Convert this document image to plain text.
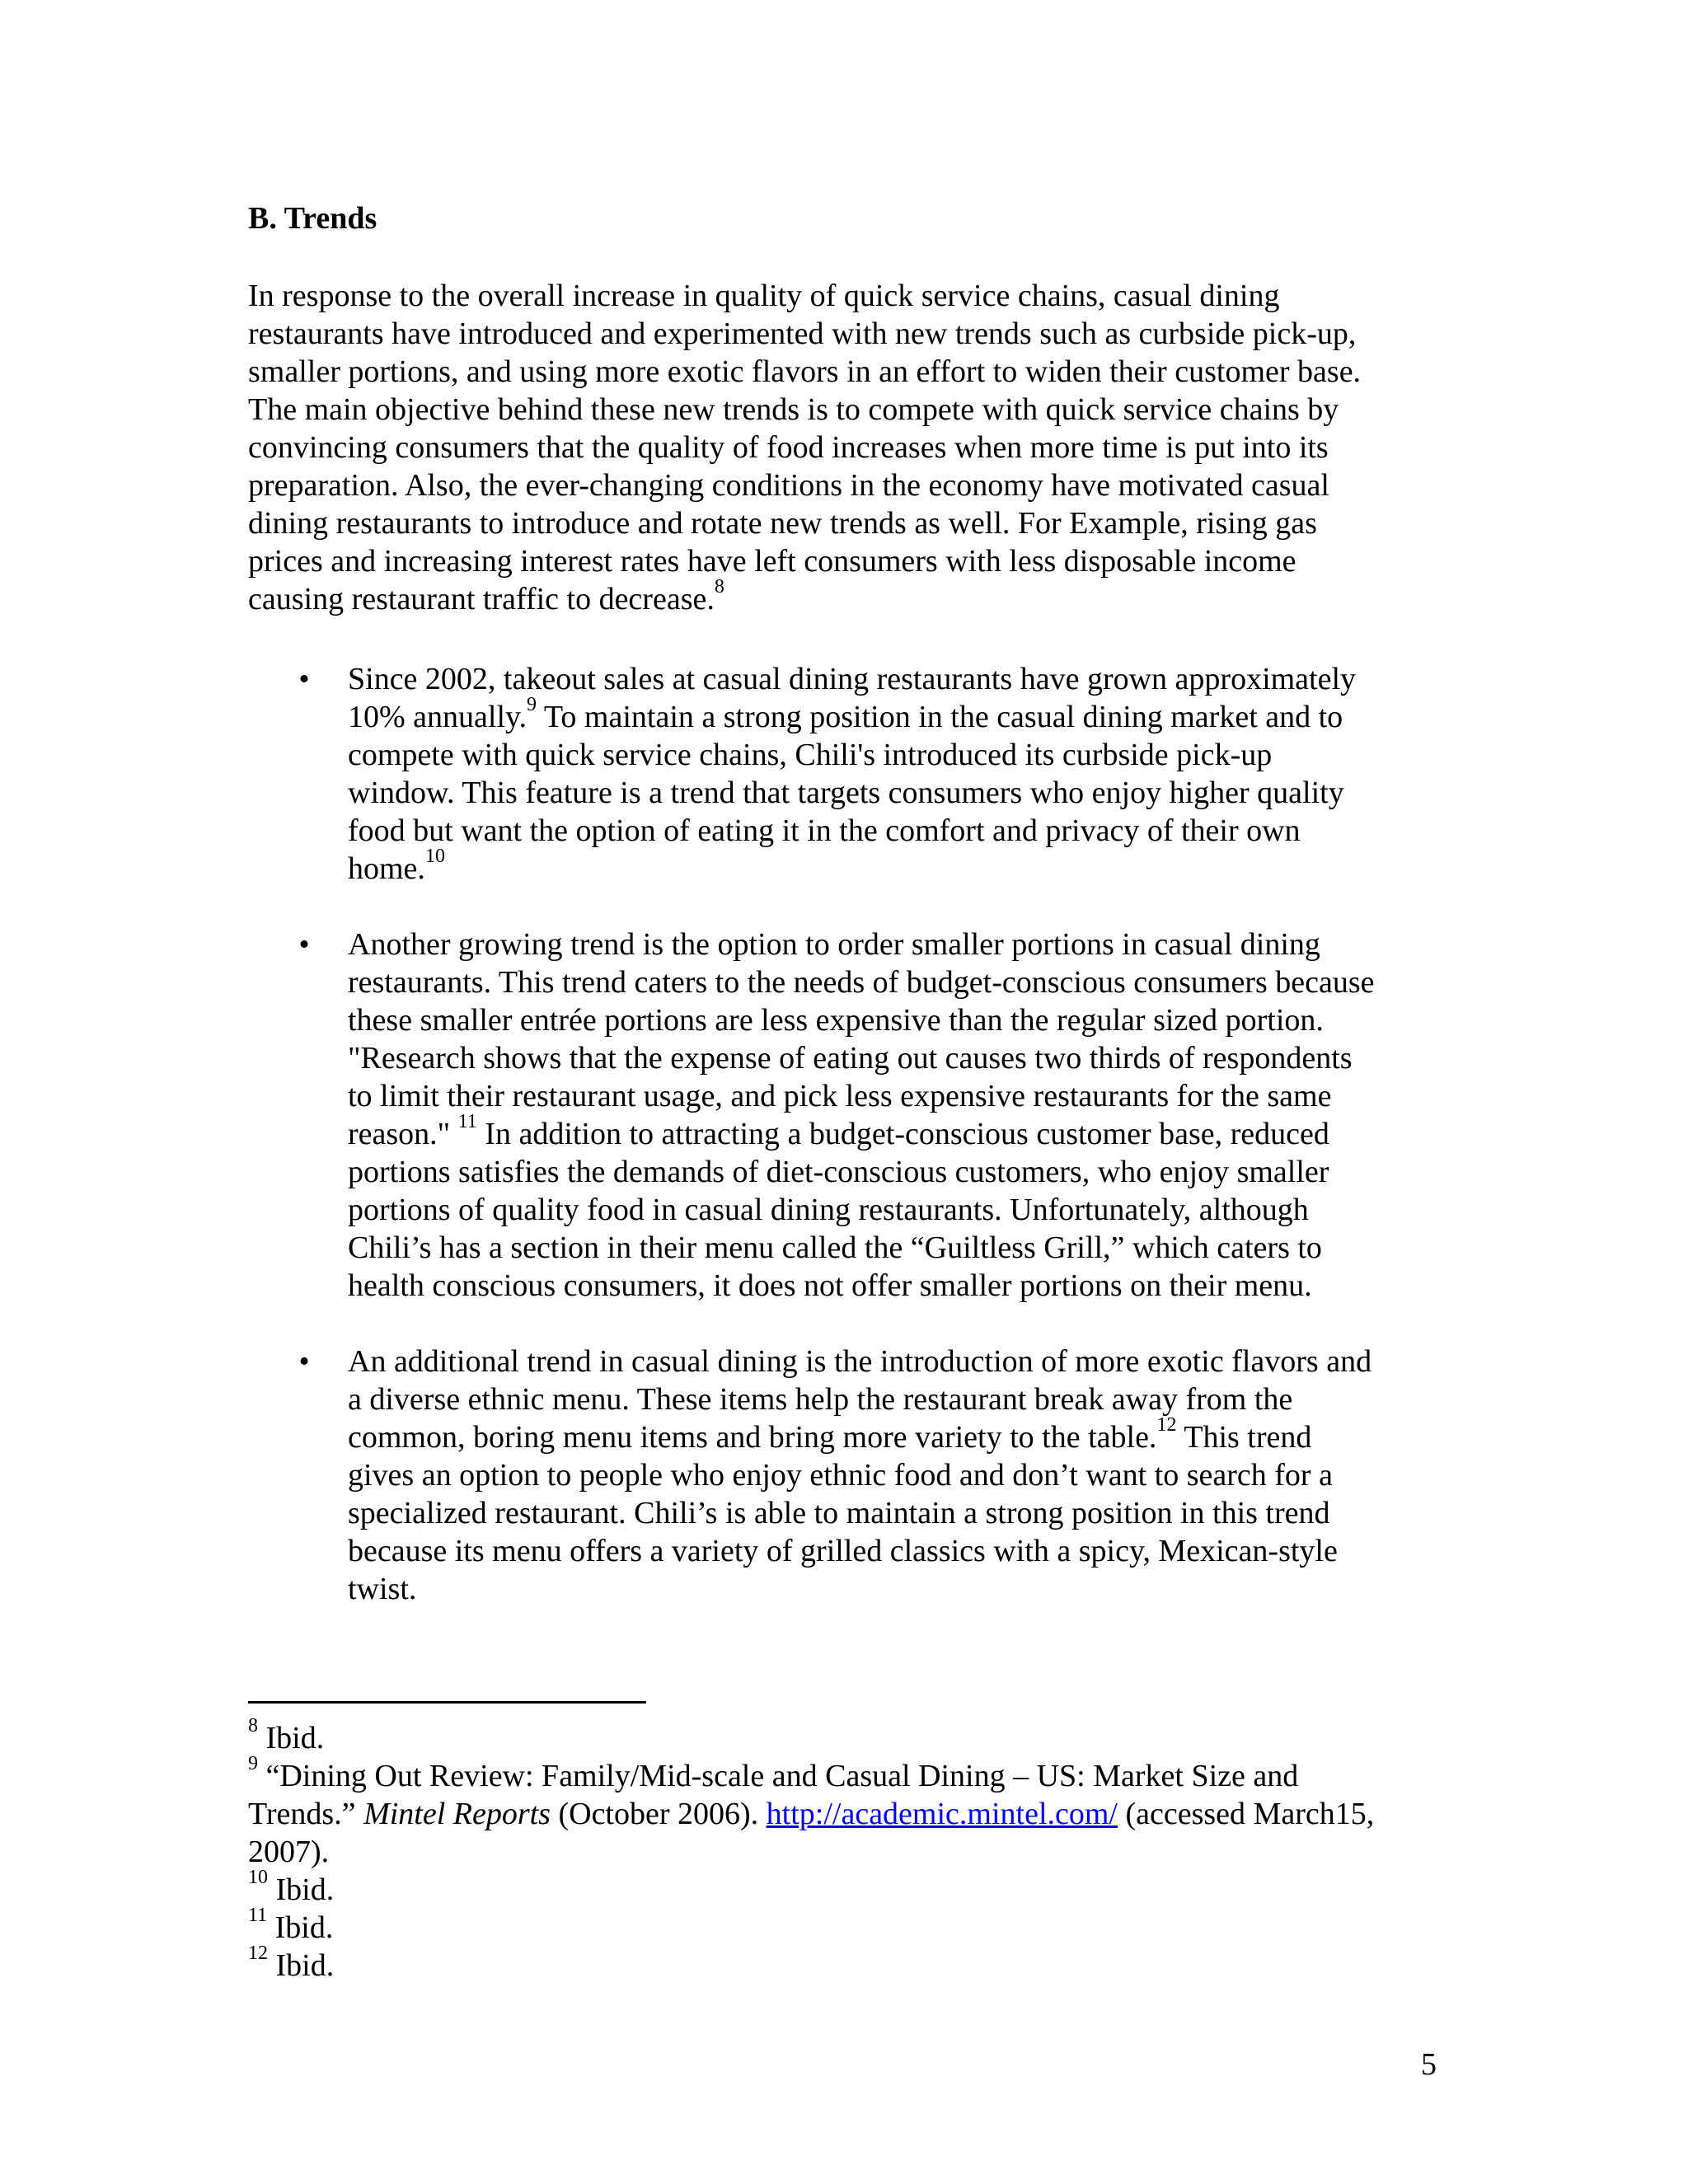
B. Trends

In response to the overall increase in quality of quick service chains, casual dining
restaurants have introduced and experimented with new trends such as curbside pick-up,
smaller portions, and using more exotic flavors in an effort to widen their customer base.
The main objective behind these new trends is to compete with quick service chains by
convincing consumers that the quality of food increases when more time is put into its
preparation. Also, the ever-changing conditions in the economy have motivated casual
dining restaurants to introduce and rotate new trends as well. For Example, rising gas
prices and increasing interest rates have left consumers with less disposable income
causing restaurant traffic to decrease.$^8$

• Since 2002, takeout sales at casual dining restaurants have grown approximately
10% annually.$^9$ To maintain a strong position in the casual dining market and to
compete with quick service chains, Chili's introduced its curbside pick-up
window. This feature is a trend that targets consumers who enjoy higher quality
food but want the option of eating it in the comfort and privacy of their own
home.$^{10}$
• Another growing trend is the option to order smaller portions in casual dining
restaurants. This trend caters to the needs of budget-conscious consumers because
these smaller entrée portions are less expensive than the regular sized portion.
"Research shows that the expense of eating out causes two thirds of respondents
to limit their restaurant usage, and pick less expensive restaurants for the same
reason." $^{11}$ In addition to attracting a budget-conscious customer base, reduced
portions satisfies the demands of diet-conscious customers, who enjoy smaller
portions of quality food in casual dining restaurants. Unfortunately, although
Chili’s has a section in their menu called the “Guiltless Grill,” which caters to
health conscious consumers, it does not offer smaller portions on their menu.
• An additional trend in casual dining is the introduction of more exotic flavors and
a diverse ethnic menu. These items help the restaurant break away from the
common, boring menu items and bring more variety to the table.$^{12}$ This trend
gives an option to people who enjoy ethnic food and don’t want to search for a
specialized restaurant. Chili’s is able to maintain a strong position in this trend
because its menu offers a variety of grilled classics with a spicy, Mexican-style
twist.

$^8$ Ibid.

$^9$ “Dining Out Review: Family/Mid-scale and Casual Dining – US: Market Size and
Trends.” Mintel Reports (October 2006). http://academic.mintel.com/ (accessed March15,
2007).

$^{10}$ Ibid.

$^{11}$ Ibid.

$^{12}$ Ibid.

5
